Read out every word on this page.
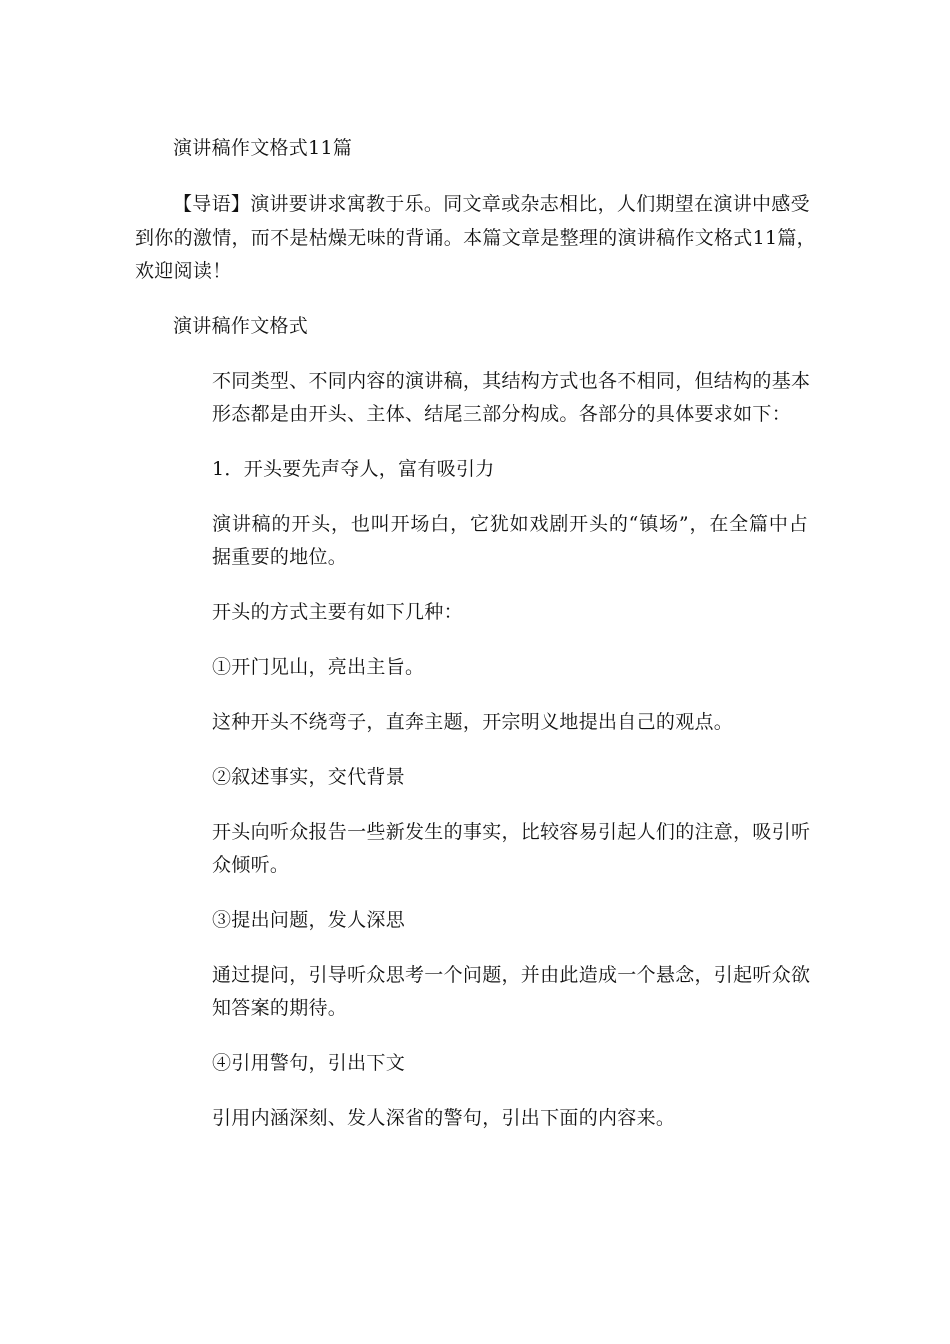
演讲稿作文格式11篇
【导语】演讲要讲求寓教于乐。同文章或杂志相比，人们期望在演讲中感受
到你的激情，而不是枯燥无味的背诵。本篇文章是整理的演讲稿作文格式11篇，
欢迎阅读！
演讲稿作文格式
不同类型、不同内容的演讲稿，其结构方式也各不相同，但结构的基本
形态都是由开头、主体、结尾三部分构成。各部分的具体要求如下：
1．开头要先声夺人，富有吸引力
演讲稿的开头，也叫开场白，它犹如戏剧开头的“镇场”，在全篇中占
据重要的地位。
开头的方式主要有如下几种：
①开门见山，亮出主旨。
这种开头不绕弯子，直奔主题，开宗明义地提出自己的观点。
②叙述事实，交代背景
开头向听众报告一些新发生的事实，比较容易引起人们的注意，吸引听
众倾听。
③提出问题，发人深思
通过提问，引导听众思考一个问题，并由此造成一个悬念，引起听众欲
知答案的期待。
④引用警句，引出下文
引用内涵深刻、发人深省的警句，引出下面的内容来。
